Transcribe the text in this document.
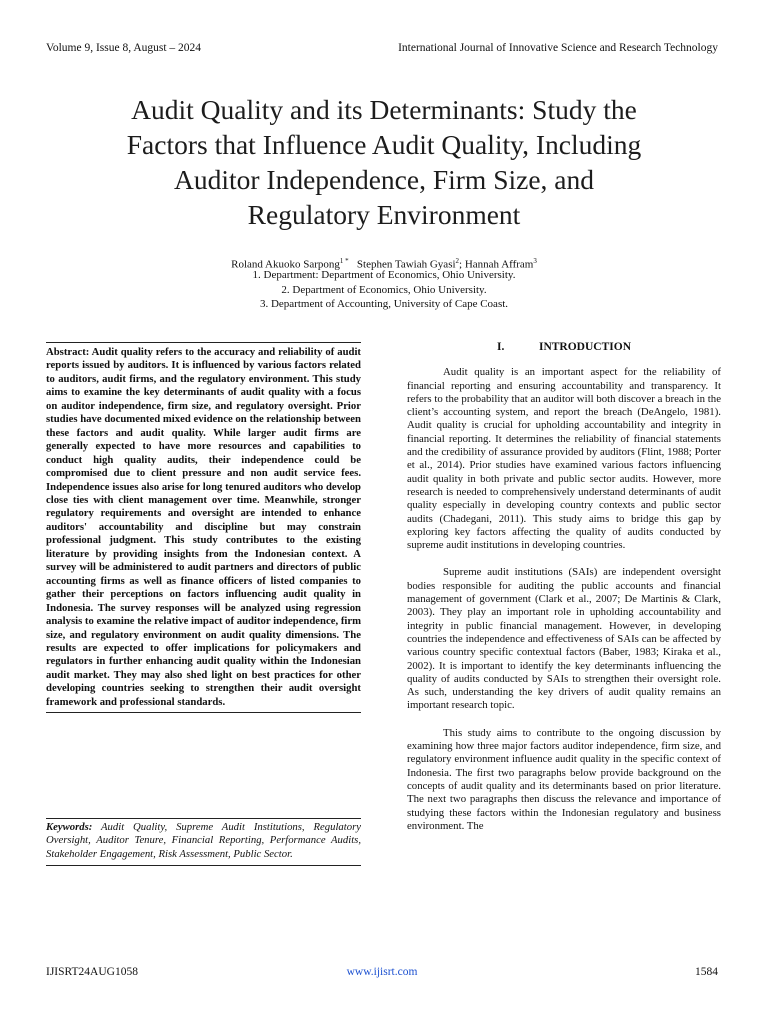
Volume 9, Issue 8, August – 2024	International Journal of Innovative Science and Research Technology
Audit Quality and its Determinants: Study the
Factors that Influence Audit Quality, Including
Auditor Independence, Firm Size, and
Regulatory Environment
Roland Akuoko Sarpong$^{1 *}$ Stephen Tawiah Gyasi$^2$; Hannah Affram$^3$
1. Department: Department of Economics, Ohio University.
2. Department of Economics, Ohio University.
3. Department of Accounting, University of Cape Coast.
Abstract: Audit quality refers to the accuracy and reliability of audit reports issued by auditors. It is influenced by various factors related to auditors, audit firms, and the regulatory environment. This study aims to examine the key determinants of audit quality with a focus on auditor independence, firm size, and regulatory oversight. Prior studies have documented mixed evidence on the relationship between these factors and audit quality. While larger audit firms are generally expected to have more resources and capabilities to conduct high quality audits, their independence could be compromised due to client pressure and non audit service fees. Independence issues also arise for long tenured auditors who develop close ties with client management over time. Meanwhile, stronger regulatory requirements and oversight are intended to enhance auditors' accountability and discipline but may constrain professional judgment. This study contributes to the existing literature by providing insights from the Indonesian context. A survey will be administered to audit partners and directors of public accounting firms as well as finance officers of listed companies to gather their perceptions on factors influencing audit quality in Indonesia. The survey responses will be analyzed using regression analysis to examine the relative impact of auditor independence, firm size, and regulatory environment on audit quality dimensions. The results are expected to offer implications for policymakers and regulators in further enhancing audit quality within the Indonesian audit market. They may also shed light on best practices for other developing countries seeking to strengthen their audit oversight framework and professional standards.
Keywords: Audit Quality, Supreme Audit Institutions, Regulatory Oversight, Auditor Tenure, Financial Reporting, Performance Audits, Stakeholder Engagement, Risk Assessment, Public Sector.
I.	INTRODUCTION

Audit quality is an important aspect for the reliability of financial reporting and ensuring accountability and transparency. It refers to the probability that an auditor will both discover a breach in the client’s accounting system, and report the breach (DeAngelo, 1981). Audit quality is crucial for upholding accountability and integrity in financial reporting. It determines the reliability of financial statements and the credibility of assurance provided by auditors (Flint, 1988; Porter et al., 2014). Prior studies have examined various factors influencing audit quality in both private and public sector audits. However, more research is needed to comprehensively understand determinants of audit quality especially in developing country contexts and public sector audits (Chadegani, 2011). This study aims to bridge this gap by exploring key factors affecting the quality of audits conducted by supreme audit institutions in developing countries.

Supreme audit institutions (SAIs) are independent oversight bodies responsible for auditing the public accounts and financial management of government (Clark et al., 2007; De Martinis & Clark, 2003). They play an important role in upholding accountability and integrity in public financial management. However, in developing countries the independence and effectiveness of SAIs can be affected by various country specific contextual factors (Baber, 1983; Kiraka et al., 2002). It is important to identify the key determinants influencing the quality of audits conducted by SAIs to strengthen their oversight role. As such, understanding the key drivers of audit quality remains an important research topic.

This study aims to contribute to the ongoing discussion by examining how three major factors auditor independence, firm size, and regulatory environment influence audit quality in the specific context of Indonesia. The first two paragraphs below provide background on the concepts of audit quality and its determinants based on prior literature. The next two paragraphs then discuss the relevance and importance of studying these factors within the Indonesian regulatory and business environment. The

IJISRT24AUG1058	www.ijisrt.com	1584
